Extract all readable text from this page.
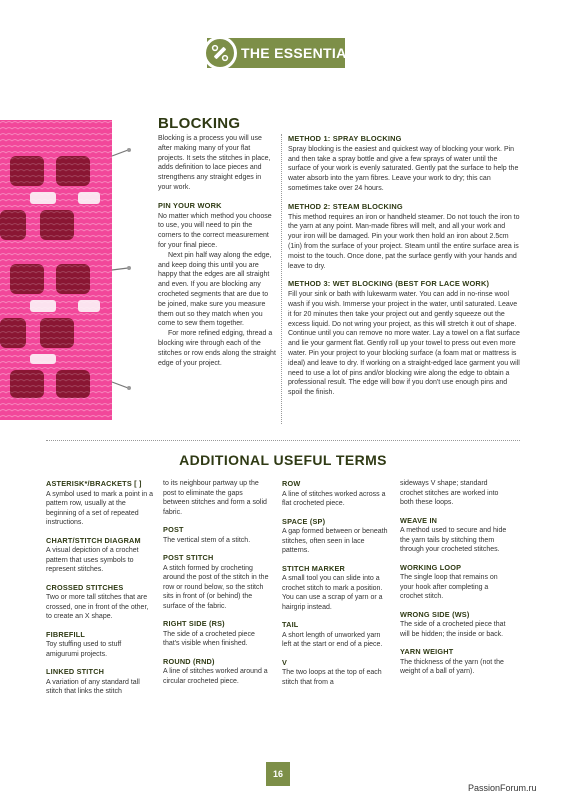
THE ESSENTIALS
BLOCKING

Blocking is a process you will use after making many of your flat projects. It sets the stitches in place, adds definition to lace pieces and strengthens any straight edges in your work.

PIN YOUR WORK

No matter which method you choose to use, you will need to pin the corners to the correct measurement for your final piece.

Next pin half way along the edge, and keep doing this until you are happy that the edges are all straight and even. If you are blocking any crocheted segments that are due to be joined, make sure you measure them out so they match when you come to sew them together.

For more refined edging, thread a blocking wire through each of the stitches or row ends along the straight edge of your project.

METHOD 1: SPRAY BLOCKING

Spray blocking is the easiest and quickest way of blocking your work. Pin and then take a spray bottle and give a few sprays of water until the surface of your work is evenly saturated. Gently pat the surface to help the water absorb into the yarn fibres. Leave your work to dry; this can sometimes take over 24 hours.

METHOD 2: STEAM BLOCKING

This method requires an iron or handheld steamer. Do not touch the iron to the yarn at any point. Man-made fibres will melt, and all your work and your iron will be damaged. Pin your work then hold an iron about 2.5cm (1in) from the surface of your project. Steam until the entire surface area is moist to the touch. Once done, pat the surface gently with your hands and leave to dry.

METHOD 3: WET BLOCKING (BEST FOR LACE WORK)

Fill your sink or bath with lukewarm water. You can add in no-rinse wool wash if you wish. Immerse your project in the water, until saturated. Leave it for 20 minutes then take your project out and gently squeeze out the excess liquid. Do not wring your project, as this will stretch it out of shape. Continue until you can remove no more water. Lay a towel on a flat surface and lie your garment flat. Gently roll up your towel to press out even more water. Pin your project to your blocking surface (a foam mat or mattress is ideal) and leave to dry. If working on a straight-edged lace garment you will need to use a lot of pins and/or blocking wire along the edge to obtain a professional result. The edge will bow if you don't use enough pins and spoil the finish.

ADDITIONAL USEFUL TERMS
ASTERISK*/BRACKETS [ ]
A symbol used to mark a point in a pattern row, usually at the beginning of a set of repeated instructions.
CHART/STITCH DIAGRAM
A visual depiction of a crochet pattern that uses symbols to represent stitches.
CROSSED STITCHES
Two or more tall stitches that are crossed, one in front of the other, to create an X shape.
FIBREFILL
Toy stuffing used to stuff amigurumi projects.
LINKED STITCH
A variation of any standard tall stitch that links the stitch
to its neighbour partway up the post to eliminate the gaps between stitches and form a solid fabric.
POST
The vertical stem of a stitch.
POST STITCH
A stitch formed by crocheting around the post of the stitch in the row or round below, so the stitch sits in front of (or behind) the surface of the fabric.
RIGHT SIDE (RS)
The side of a crocheted piece that's visible when finished.
ROUND (RND)
A line of stitches worked around a circular crocheted piece.
ROW
A line of stitches worked across a flat crocheted piece.
SPACE (SP)
A gap formed between or beneath stitches, often seen in lace patterns.
STITCH MARKER
A small tool you can slide into a crochet stitch to mark a position. You can use a scrap of yarn or a hairgrip instead.
TAIL
A short length of unworked yarn left at the start or end of a piece.
V
The two loops at the top of each stitch that from a
sideways V shape; standard crochet stitches are worked into both these loops.
WEAVE IN
A method used to secure and hide the yarn tails by stitching them through your crocheted stitches.
WORKING LOOP
The single loop that remains on your hook after completing a crochet stitch.
WRONG SIDE (WS)
The side of a crocheted piece that will be hidden; the inside or back.
YARN WEIGHT
The thickness of the yarn (not the weight of a ball of yarn).
16
PassionForum.ru
